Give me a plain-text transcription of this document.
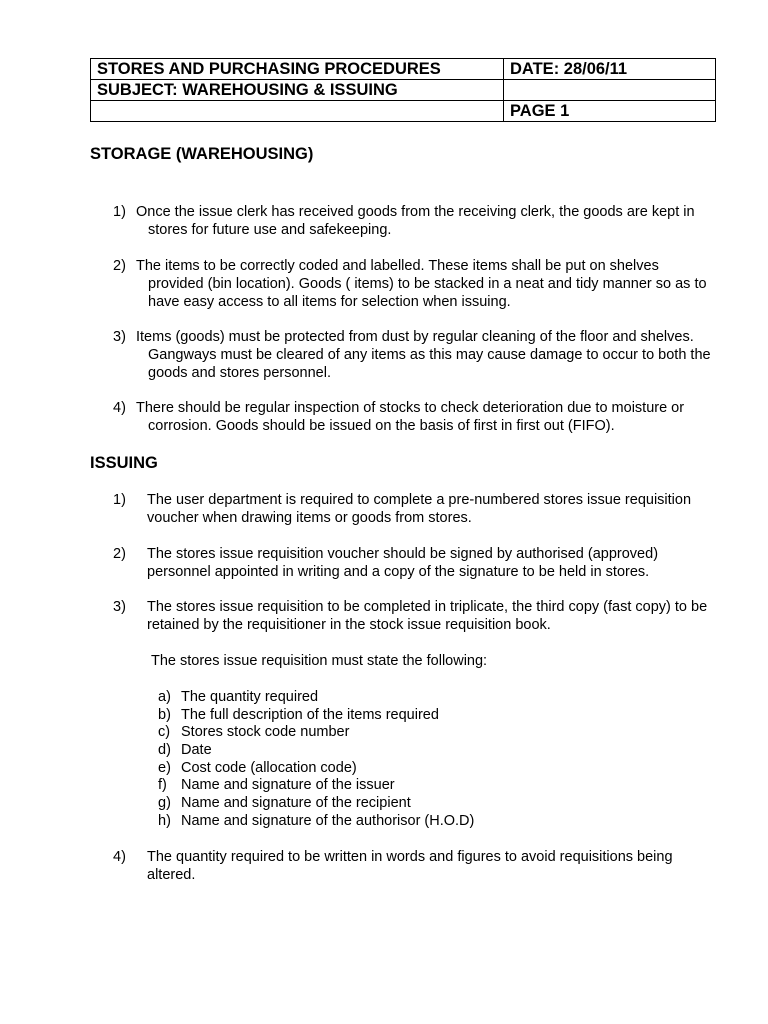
STORES AND PURCHASING PROCEDURES	DATE: 28/06/11
SUBJECT: WAREHOUSING & ISSUING	
	PAGE 1
STORAGE (WAREHOUSING)
1) Once the issue clerk has received goods from the receiving clerk, the goods are kept in stores for future use and safekeeping.
2) The items to be correctly coded and labelled. These items shall be put on shelves provided (bin location). Goods ( items) to be stacked in a neat and tidy manner so as to have easy access to all items for selection when issuing.
3) Items (goods) must be protected from dust by regular cleaning of the floor and shelves. Gangways must be cleared of any items as this may cause damage to occur to both the goods and stores personnel.
4) There should be regular inspection of stocks to check deterioration due to moisture or corrosion. Goods should be issued on the basis of first in first out (FIFO).
ISSUING
1)	The user department is required to complete a pre-numbered stores issue requisition voucher when drawing items or goods from stores.
2)	The stores issue requisition voucher should be signed by authorised (approved) personnel appointed in writing and a copy of the signature to be held in stores.
3)	The stores issue requisition to be completed in triplicate, the third copy (fast copy) to be retained by the requisitioner in the stock issue requisition book.
The stores issue requisition must state the following:
a) The quantity required
b) The full description of the items required
c) Stores stock code number
d) Date
e) Cost code (allocation code)
f) Name and signature of the issuer
g) Name and signature of the recipient
h) Name and signature of the authorisor (H.O.D)
4)	The quantity required to be written in words and figures to avoid requisitions being altered.
